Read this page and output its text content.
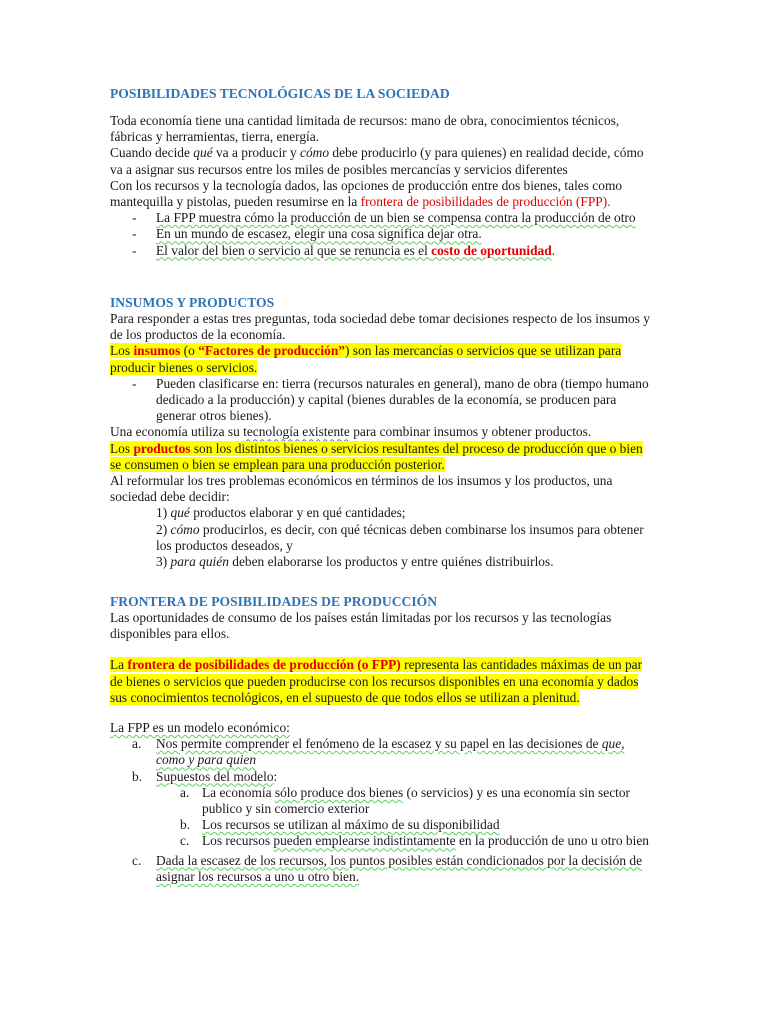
POSIBILIDADES TECNOLÓGICAS DE LA SOCIEDAD

Toda economía tiene una cantidad limitada de recursos: mano de obra, conocimientos técnicos, fábricas y herramientas, tierra, energía.

Cuando decide qué va a producir y cómo debe producirlo (y para quienes) en realidad decide, cómo va a asignar sus recursos entre los miles de posibles mercancías y servicios diferentes

Con los recursos y la tecnología dados, las opciones de producción entre dos bienes, tales como mantequilla y pistolas, pueden resumirse en la frontera de posibilidades de producción (FPP).

- La FPP muestra cómo la producción de un bien se compensa contra la producción de otro
- En un mundo de escasez, elegir una cosa significa dejar otra.
- El valor del bien o servicio al que se renuncia es el costo de oportunidad.
INSUMOS Y PRODUCTOS

Para responder a estas tres preguntas, toda sociedad debe tomar decisiones respecto de los insumos y de los productos de la economía.

Los insumos (o “Factores de producción”) son las mercancías o servicios que se utilizan para producir bienes o servicios.

- Pueden clasificarse en: tierra (recursos naturales en general), mano de obra (tiempo humano dedicado a la producción) y capital (bienes durables de la economía, se producen para generar otros bienes).

Una economía utiliza su tecnología existente para combinar insumos y obtener productos.

Los productos son los distintos bienes o servicios resultantes del proceso de producción que o bien se consumen o bien se emplean para una producción posterior.

Al reformular los tres problemas económicos en términos de los insumos y los productos, una sociedad debe decidir:

1) qué productos elaborar y en qué cantidades;
2) cómo producirlos, es decir, con qué técnicas deben combinarse los insumos para obtener los productos deseados, y
3) para quién deben elaborarse los productos y entre quiénes distribuirlos.
FRONTERA DE POSIBILIDADES DE PRODUCCIÓN

Las oportunidades de consumo de los países están limitadas por los recursos y las tecnologías disponibles para ellos.

La frontera de posibilidades de producción (o FPP) representa las cantidades máximas de un par de bienes o servicios que pueden producirse con los recursos disponibles en una economía y dados sus conocimientos tecnológicos, en el supuesto de que todos ellos se utilizan a plenitud.

La FPP es un modelo económico:

a. Nos permite comprender el fenómeno de la escasez y su papel en las decisiones de que, como y para quien
b. Supuestos del modelo:
a. La economía sólo produce dos bienes (o servicios) y es una economía sin sector publico y sin comercio exterior
b. Los recursos se utilizan al máximo de su disponibilidad
c. Los recursos pueden emplearse indistintamente en la producción de uno u otro bien
c. Dada la escasez de los recursos, los puntos posibles están condicionados por la decisión de asignar los recursos a uno u otro bien.
